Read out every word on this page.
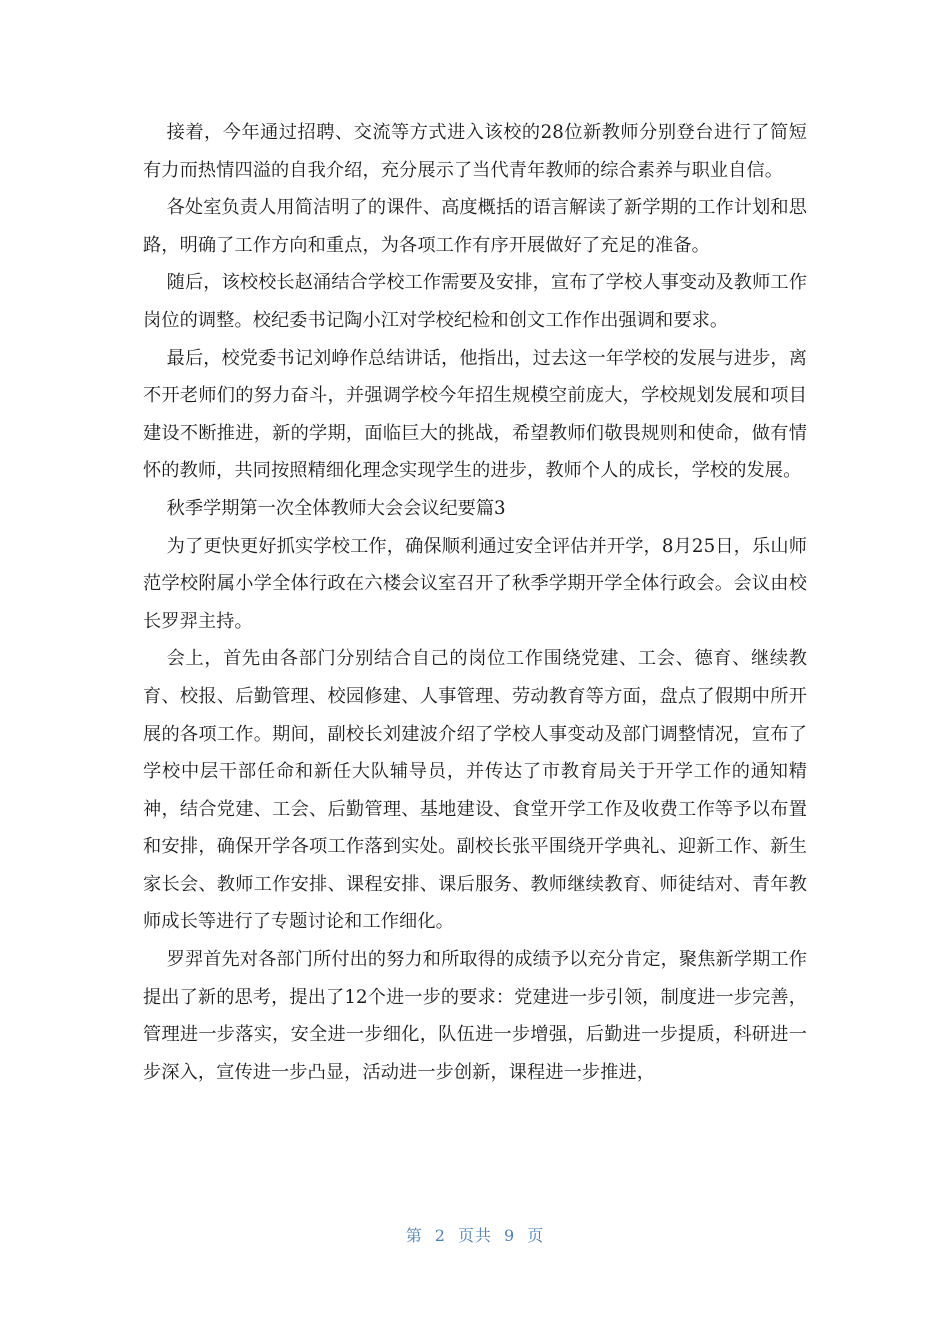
接着，今年通过招聘、交流等方式进入该校的28位新教师分别登台进行了简短有力而热情四溢的自我介绍，充分展示了当代青年教师的综合素养与职业自信。

各处室负责人用简洁明了的课件、高度概括的语言解读了新学期的工作计划和思路，明确了工作方向和重点，为各项工作有序开展做好了充足的准备。

随后，该校校长赵涌结合学校工作需要及安排，宣布了学校人事变动及教师工作岗位的调整。校纪委书记陶小江对学校纪检和创文工作作出强调和要求。

最后，校党委书记刘峥作总结讲话，他指出，过去这一年学校的发展与进步，离不开老师们的努力奋斗，并强调学校今年招生规模空前庞大，学校规划发展和项目建设不断推进，新的学期，面临巨大的挑战，希望教师们敬畏规则和使命，做有情怀的教师，共同按照精细化理念实现学生的进步，教师个人的成长，学校的发展。

秋季学期第一次全体教师大会会议纪要篇3

为了更快更好抓实学校工作，确保顺利通过安全评估并开学，8月25日，乐山师范学校附属小学全体行政在六楼会议室召开了秋季学期开学全体行政会。会议由校长罗羿主持。

会上，首先由各部门分别结合自己的岗位工作围绕党建、工会、德育、继续教育、校报、后勤管理、校园修建、人事管理、劳动教育等方面，盘点了假期中所开展的各项工作。期间，副校长刘建波介绍了学校人事变动及部门调整情况，宣布了学校中层干部任命和新任大队辅导员，并传达了市教育局关于开学工作的通知精神，结合党建、工会、后勤管理、基地建设、食堂开学工作及收费工作等予以布置和安排，确保开学各项工作落到实处。副校长张平围绕开学典礼、迎新工作、新生家长会、教师工作安排、课程安排、课后服务、教师继续教育、师徒结对、青年教师成长等进行了专题讨论和工作细化。

罗羿首先对各部门所付出的努力和所取得的成绩予以充分肯定，聚焦新学期工作提出了新的思考，提出了12个进一步的要求：党建进一步引领，制度进一步完善，管理进一步落实，安全进一步细化，队伍进一步增强，后勤进一步提质，科研进一步深入，宣传进一步凸显，活动进一步创新，课程进一步推进，

第 2 页共 9 页
